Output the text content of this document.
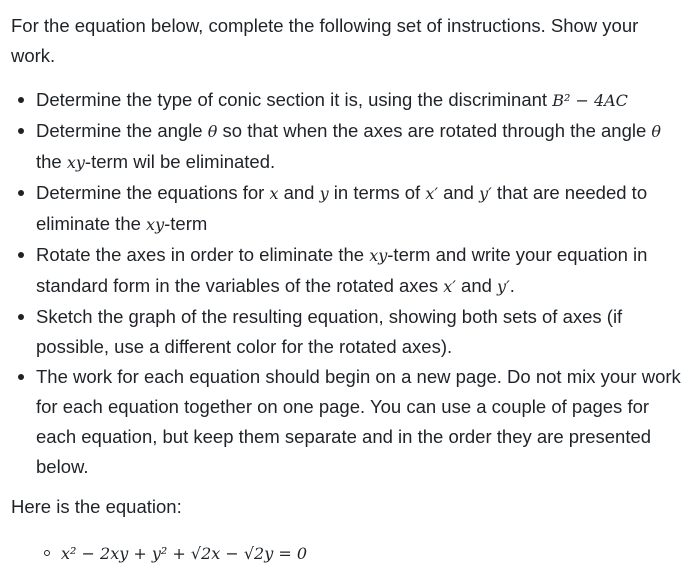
For the equation below, complete the following set of instructions. Show your work.

Determine the type of conic section it is, using the discriminant B² − 4AC
Determine the angle θ so that when the axes are rotated through the angle θ the xy-term wil be eliminated.
Determine the equations for x and y in terms of x′ and y′ that are needed to eliminate the xy-term
Rotate the axes in order to eliminate the xy-term and write your equation in standard form in the variables of the rotated axes x′ and y′.
Sketch the graph of the resulting equation, showing both sets of axes (if possible, use a different color for the rotated axes).
The work for each equation should begin on a new page. Do not mix your work for each equation together on one page. You can use a couple of pages for each equation, but keep them separate and in the order they are presented below.

Here is the equation:

x² − 2xy + y² + √2x − √2y = 0
